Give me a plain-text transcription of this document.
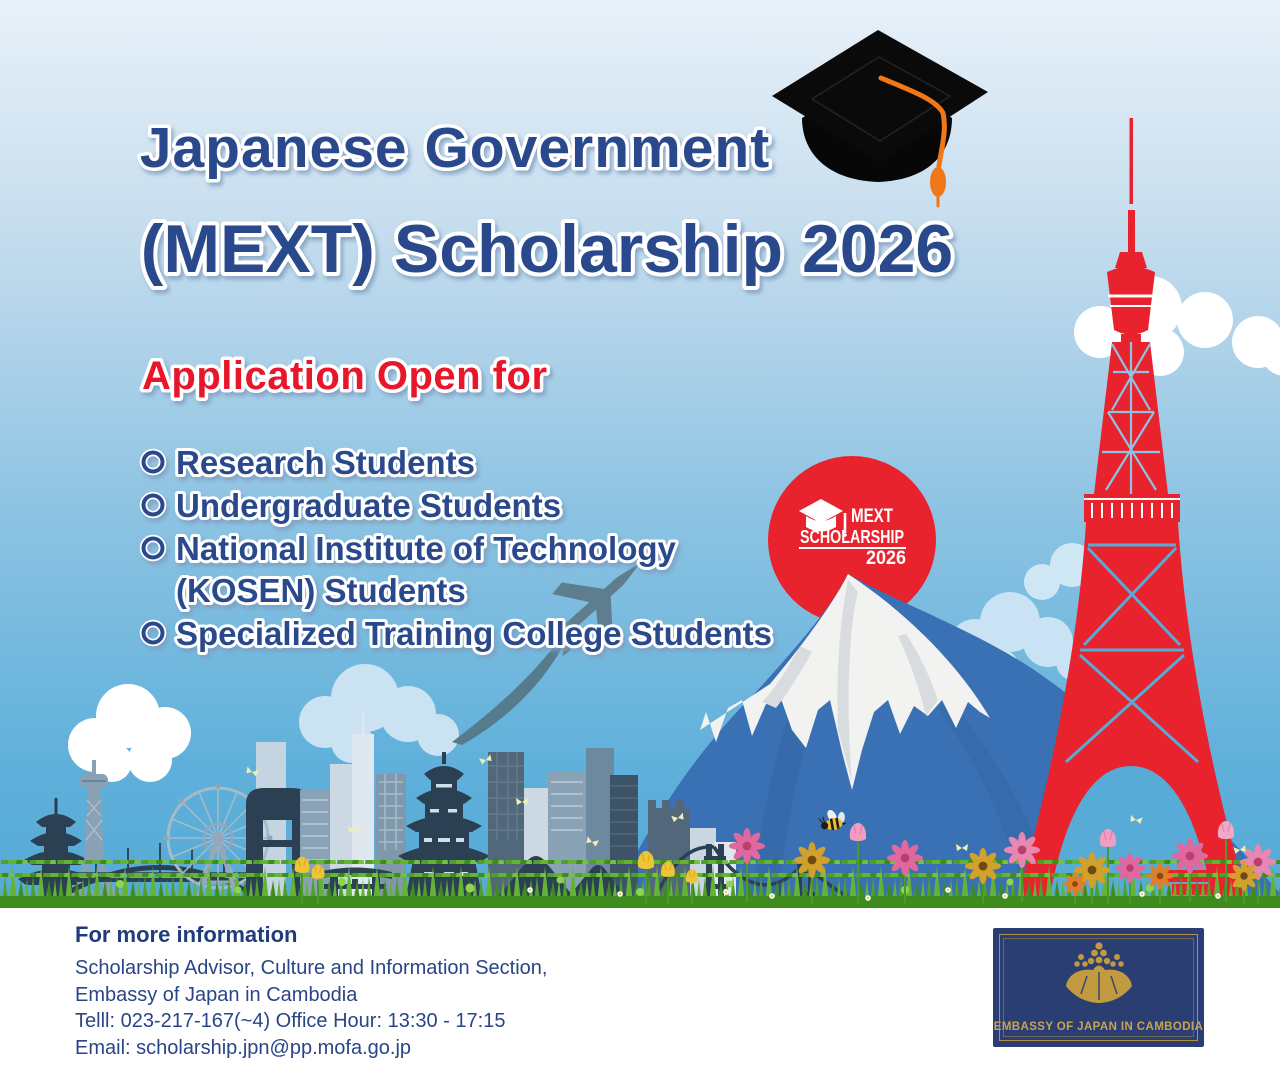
MEXT
SCHOLARSHIP
2026
Japanese Government
(MEXT) Scholarship 2026
Application Open for
Research Students
Undergraduate Students
National Institute of Technology
(KOSEN) Students
Specialized Training College Students
For more information
Scholarship Advisor, Culture and Information Section,
Embassy of Japan in Cambodia
Telll: 023-217-167(~4) Office Hour: 13:30 - 17:15
Email: scholarship.jpn@pp.mofa.go.jp
EMBASSY OF JAPAN IN CAMBODIA
